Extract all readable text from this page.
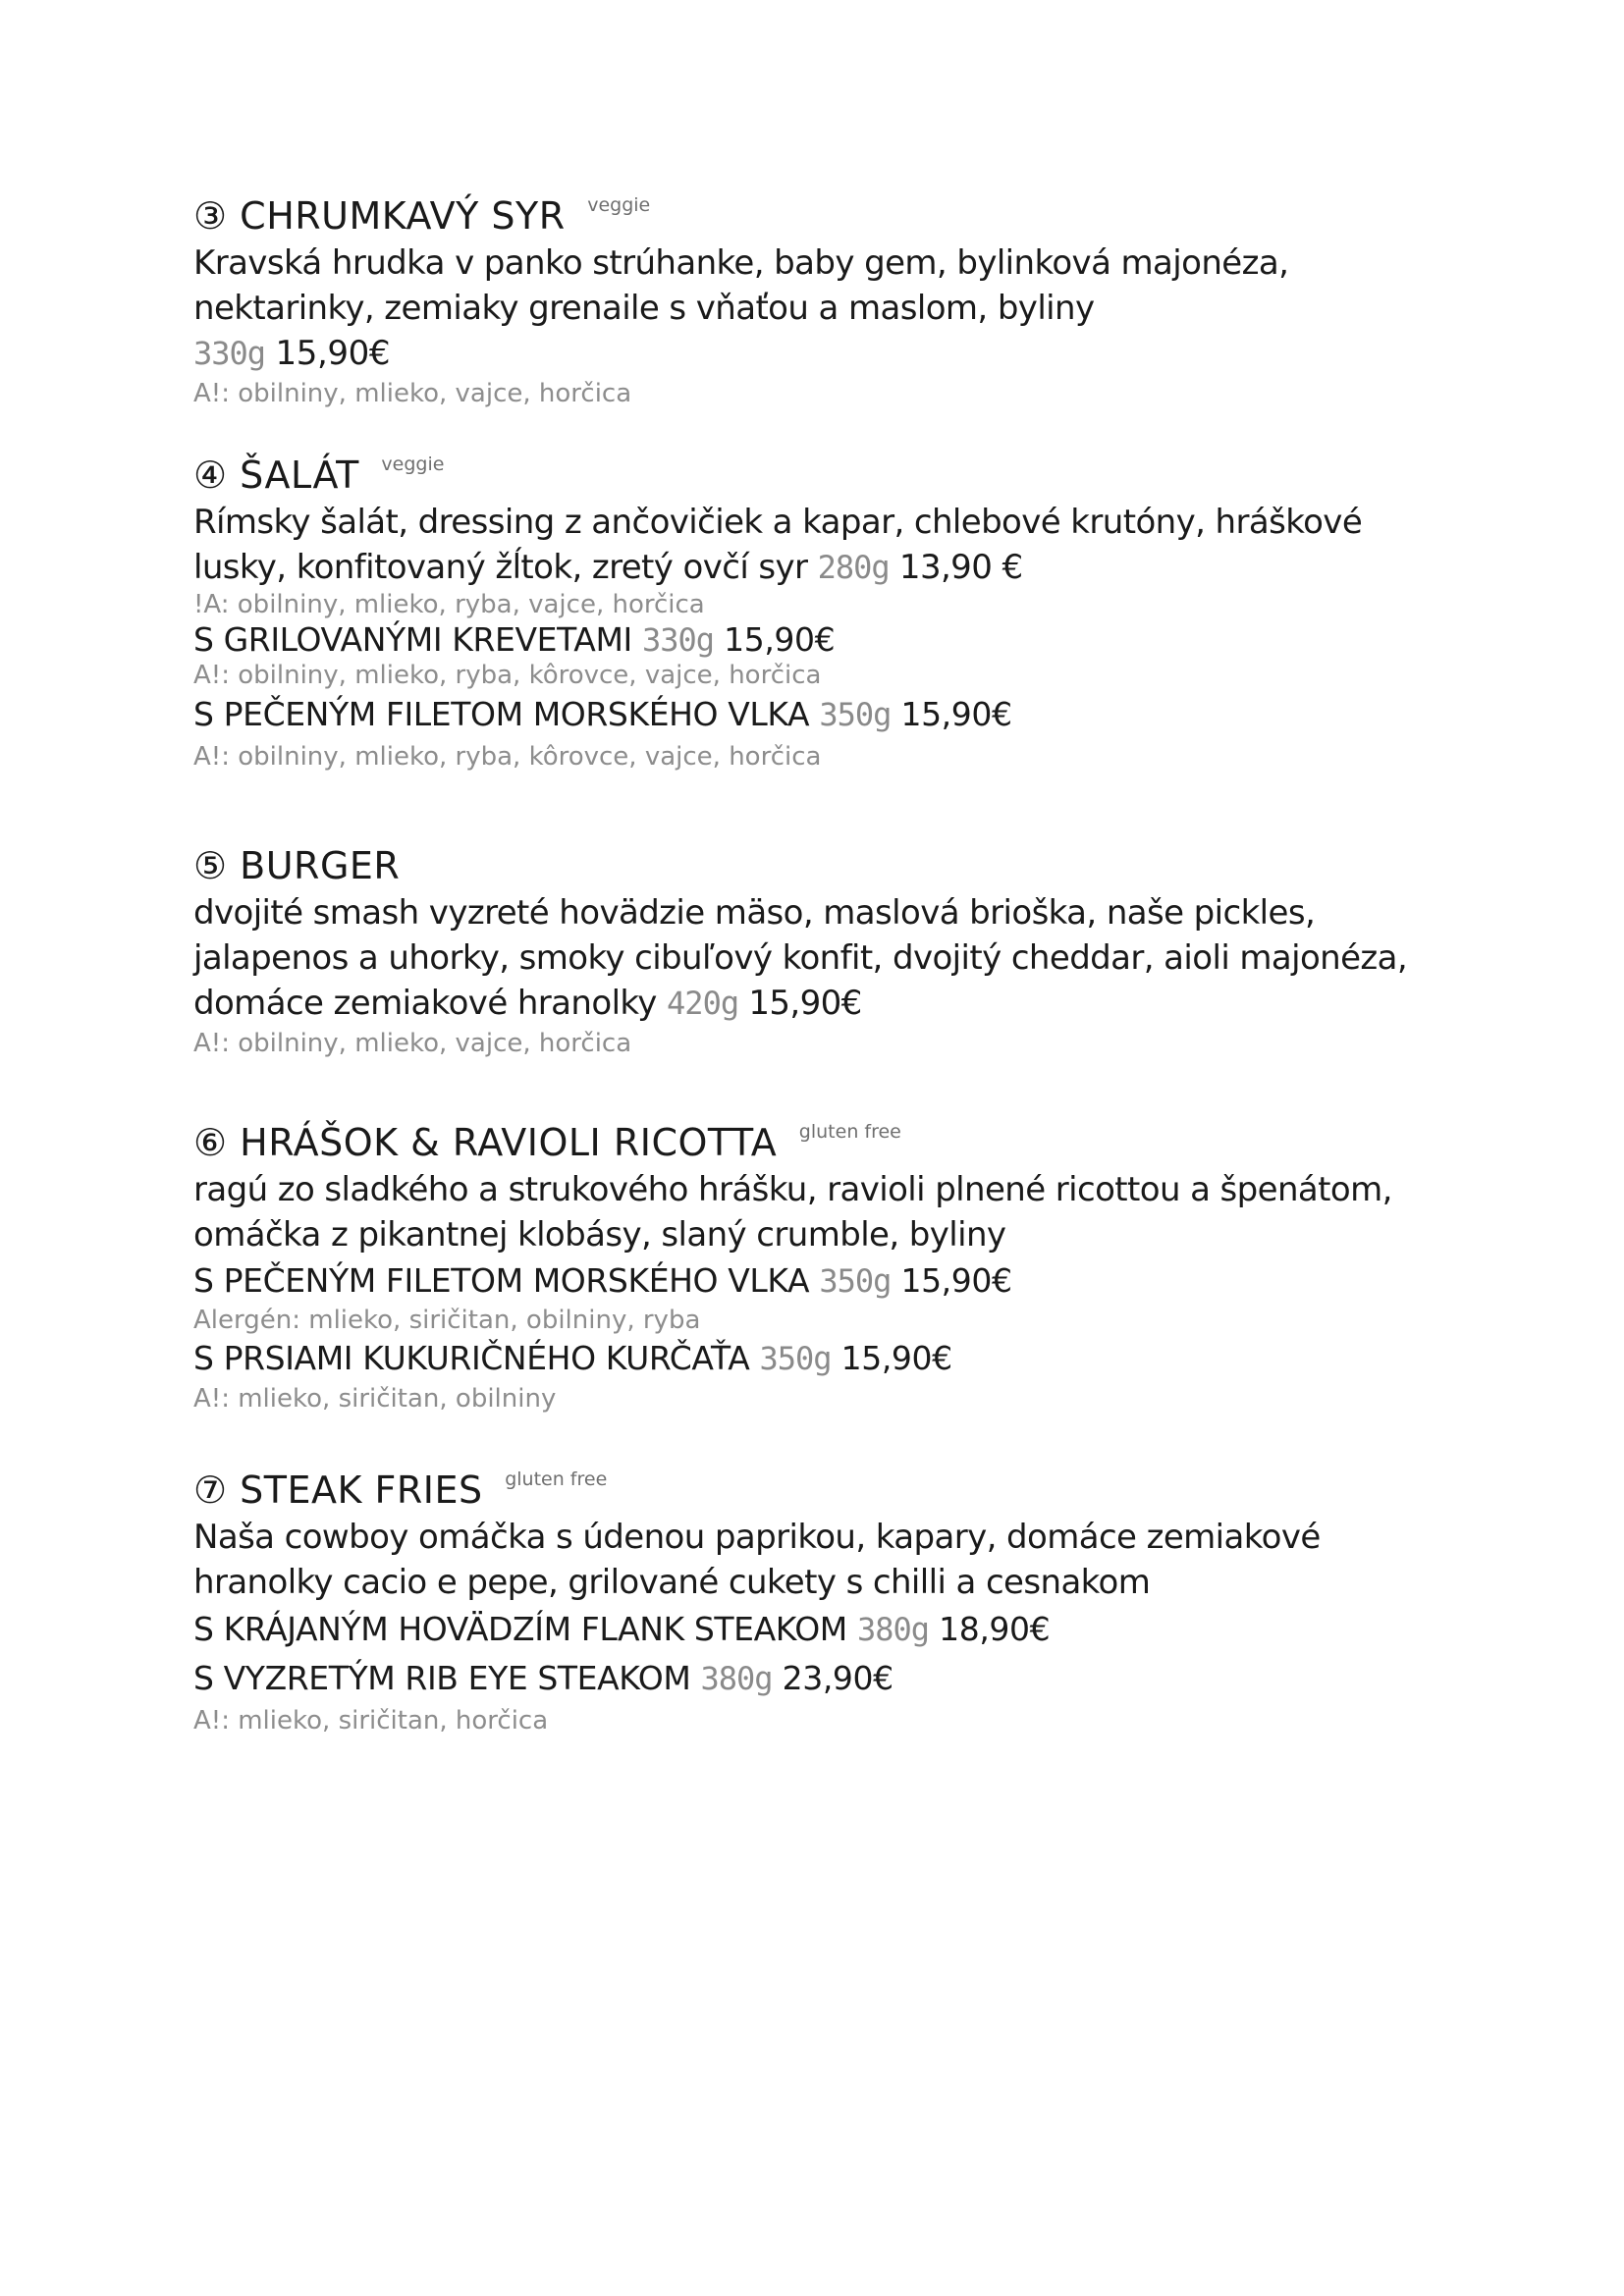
③ CHRUMKAVÝ SYR $^{veggie}$
Kravská hrudka v panko strúhanke, baby gem, bylinková majonéza,
nektarinky, zemiaky grenaile s vňaťou a maslom, byliny
330g 15,90€
A!: obilniny, mlieko, vajce, horčica
④ ŠALÁT $^{veggie}$
Rímsky šalát, dressing z ančovičiek a kapar, chlebové krutóny, hráškové
lusky, konfitovaný žĺtok, zretý ovčí syr 280g 13,90 €
!A: obilniny, mlieko, ryba, vajce, horčica
S GRILOVANÝMI KREVETAMI 330g 15,90€
A!: obilniny, mlieko, ryba, kôrovce, vajce, horčica
S PEČENÝM FILETOM MORSKÉHO VLKA 350g 15,90€
A!: obilniny, mlieko, ryba, kôrovce, vajce, horčica
⑤ BURGER
dvojité smash vyzreté hovädzie mäso, maslová brioška, naše pickles,
jalapenos a uhorky, smoky cibuľový konfit, dvojitý cheddar, aioli majonéza,
domáce zemiakové hranolky 420g 15,90€
A!: obilniny, mlieko, vajce, horčica
⑥ HRÁŠOK & RAVIOLI RICOTTA $^{gluten free}$
ragú zo sladkého a strukového hrášku, ravioli plnené ricottou a špenátom,
omáčka z pikantnej klobásy, slaný crumble, byliny
S PEČENÝM FILETOM MORSKÉHO VLKA 350g 15,90€
Alergén: mlieko, siričitan, obilniny, ryba
S PRSIAMI KUKURIČNÉHO KURČAŤA 350g 15,90€
A!: mlieko, siričitan, obilniny
⑦ STEAK FRIES $^{gluten free}$
Naša cowboy omáčka s údenou paprikou, kapary, domáce zemiakové
hranolky cacio e pepe, grilované cukety s chilli a cesnakom
S KRÁJANÝM HOVÄDZÍM FLANK STEAKOM 380g 18,90€
S VYZRETÝM RIB EYE STEAKOM 380g 23,90€
A!: mlieko, siričitan, horčica
